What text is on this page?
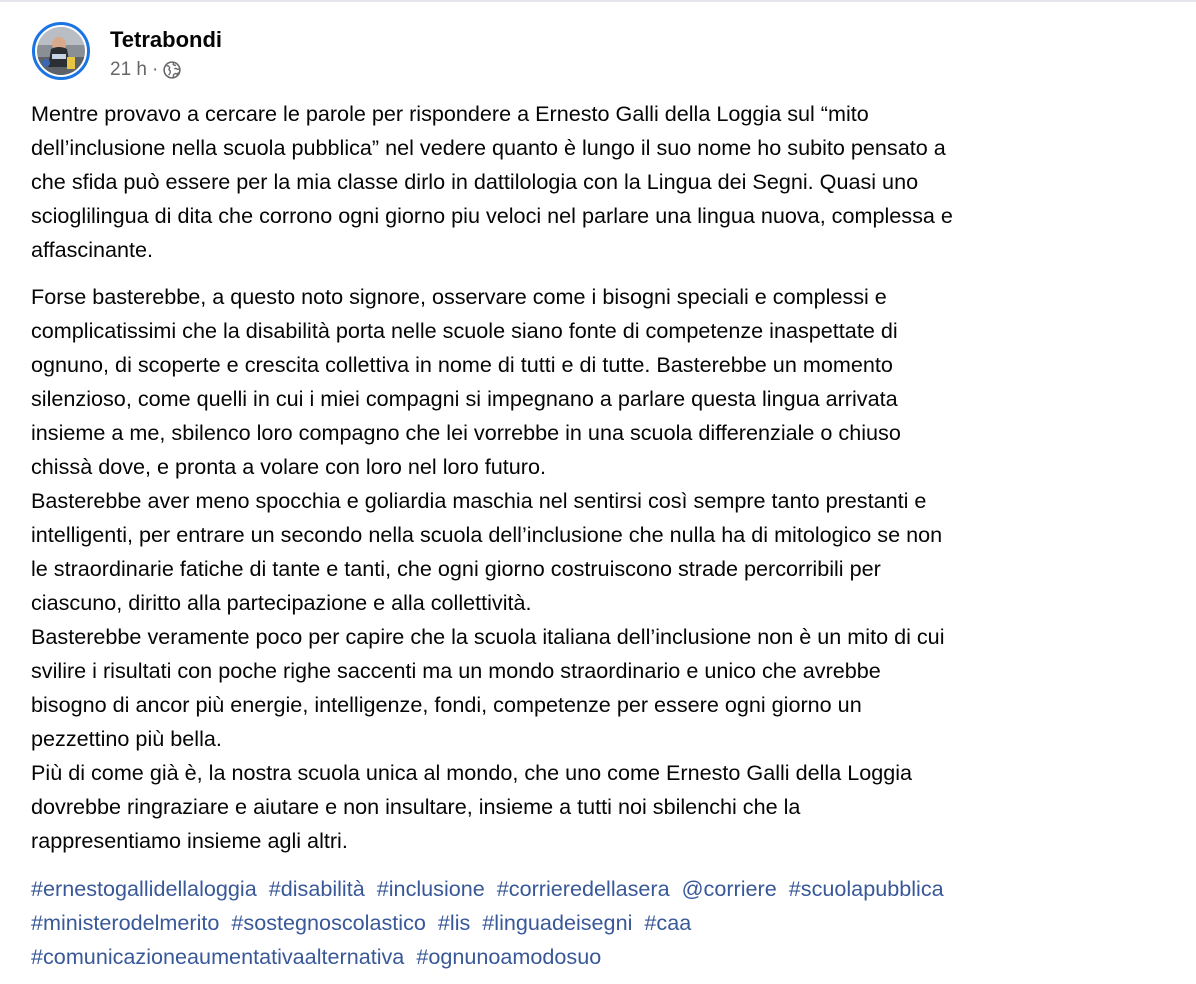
Tetrabondi
21 h ·

Mentre provavo a cercare le parole per rispondere a Ernesto Galli della Loggia sul “mito
dell’inclusione nella scuola pubblica” nel vedere quanto è lungo il suo nome ho subito pensato a
che sfida può essere per la mia classe dirlo in dattilologia con la Lingua dei Segni. Quasi uno
scioglilingua di dita che corrono ogni giorno piu veloci nel parlare una lingua nuova, complessa e
affascinante.

Forse basterebbe, a questo noto signore, osservare come i bisogni speciali e complessi e
complicatissimi che la disabilità porta nelle scuole siano fonte di competenze inaspettate di
ognuno, di scoperte e crescita collettiva in nome di tutti e di tutte. Basterebbe un momento
silenzioso, come quelli in cui i miei compagni si impegnano a parlare questa lingua arrivata
insieme a me, sbilenco loro compagno che lei vorrebbe in una scuola differenziale o chiuso
chissà dove, e pronta a volare con loro nel loro futuro.
Basterebbe aver meno spocchia e goliardia maschia nel sentirsi così sempre tanto prestanti e
intelligenti, per entrare un secondo nella scuola dell’inclusione che nulla ha di mitologico se non
le straordinarie fatiche di tante e tanti, che ogni giorno costruiscono strade percorribili per
ciascuno, diritto alla partecipazione e alla collettività.
Basterebbe veramente poco per capire che la scuola italiana dell’inclusione non è un mito di cui
svilire i risultati con poche righe saccenti ma un mondo straordinario e unico che avrebbe
bisogno di ancor più energie, intelligenze, fondi, competenze per essere ogni giorno un
pezzettino più bella.
Più di come già è, la nostra scuola unica al mondo, che uno come Ernesto Galli della Loggia
dovrebbe ringraziare e aiutare e non insultare, insieme a tutti noi sbilenchi che la
rappresentiamo insieme agli altri.

#ernestogallidellaloggia #disabilità #inclusione #corrieredellasera @corriere #scuolapubblica
#ministerodelmerito #sostegnoscolastico #lis #linguadeisegni #caa
#comunicazioneaumentativaalternativa #ognunoamodosuo
